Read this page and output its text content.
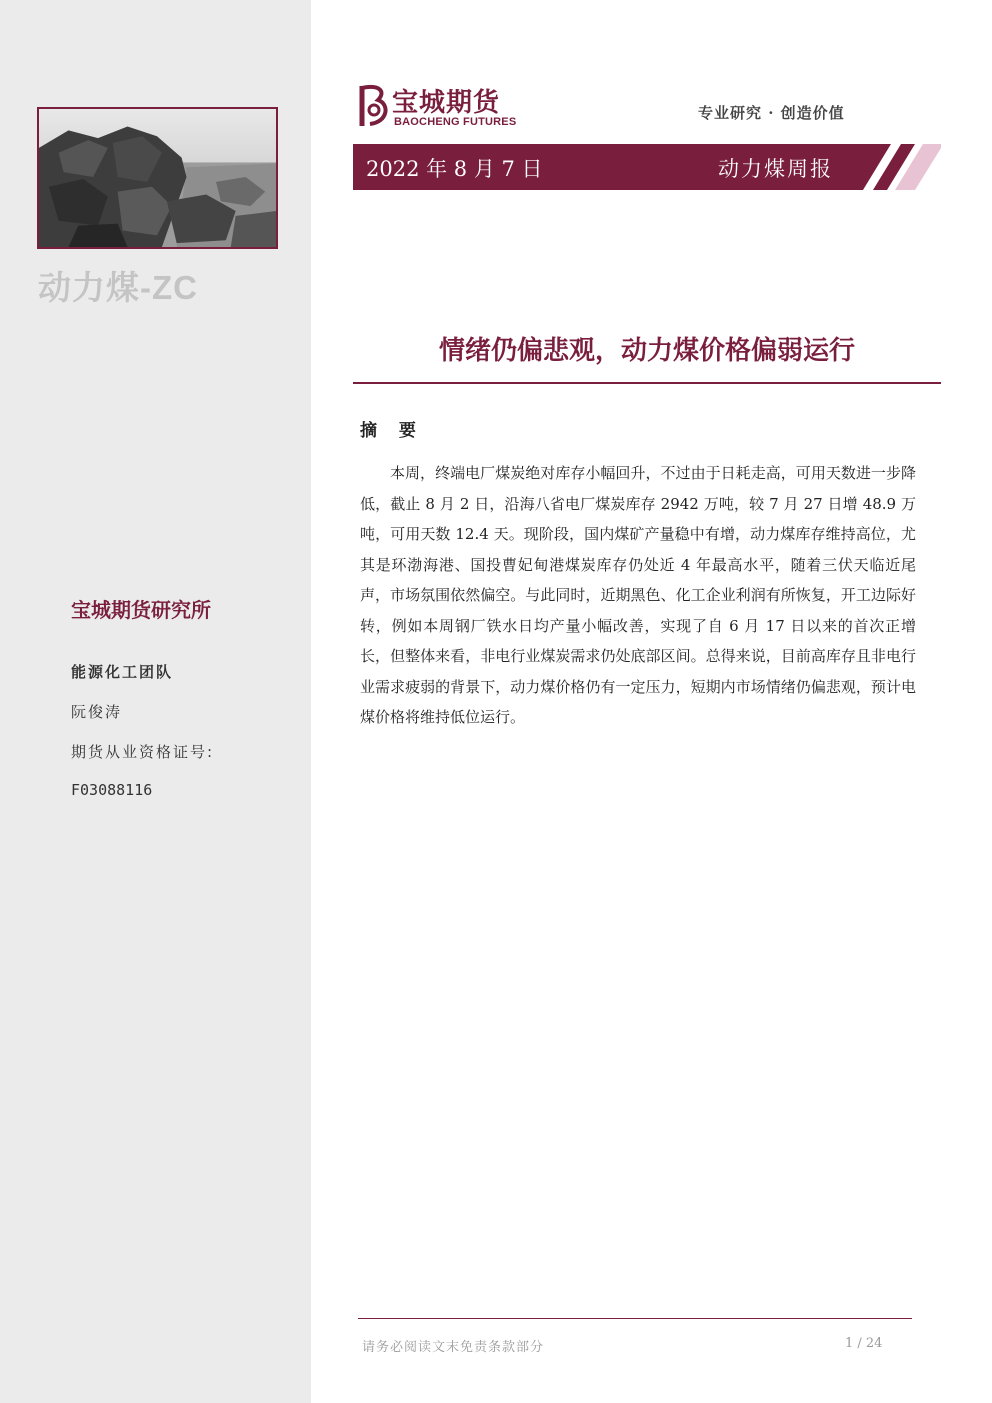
动力煤-ZC
宝城期货研究所
能源化工团队
阮俊涛
期货从业资格证号:
F03088116
宝城期货
BAOCHENG FUTURES	专业研究 · 创造价值
2022 年 8 月 7 日	动力煤周报
情绪仍偏悲观，动力煤价格偏弱运行
摘 要

本周，终端电厂煤炭绝对库存小幅回升，不过由于日耗走高，可用天数进一步降低，截止 8 月 2 日，沿海八省电厂煤炭库存 2942 万吨，较 7 月 27 日增 48.9 万吨，可用天数 12.4 天。现阶段，国内煤矿产量稳中有增，动力煤库存维持高位，尤其是环渤海港、国投曹妃甸港煤炭库存仍处近 4 年最高水平，随着三伏天临近尾声，市场氛围依然偏空。与此同时，近期黑色、化工企业利润有所恢复，开工边际好转，例如本周钢厂铁水日均产量小幅改善，实现了自 6 月 17 日以来的首次正增长，但整体来看，非电行业煤炭需求仍处底部区间。总得来说，目前高库存且非电行业需求疲弱的背景下，动力煤价格仍有一定压力，短期内市场情绪仍偏悲观，预计电煤价格将维持低位运行。

请务必阅读文末免责条款部分	1 / 24
